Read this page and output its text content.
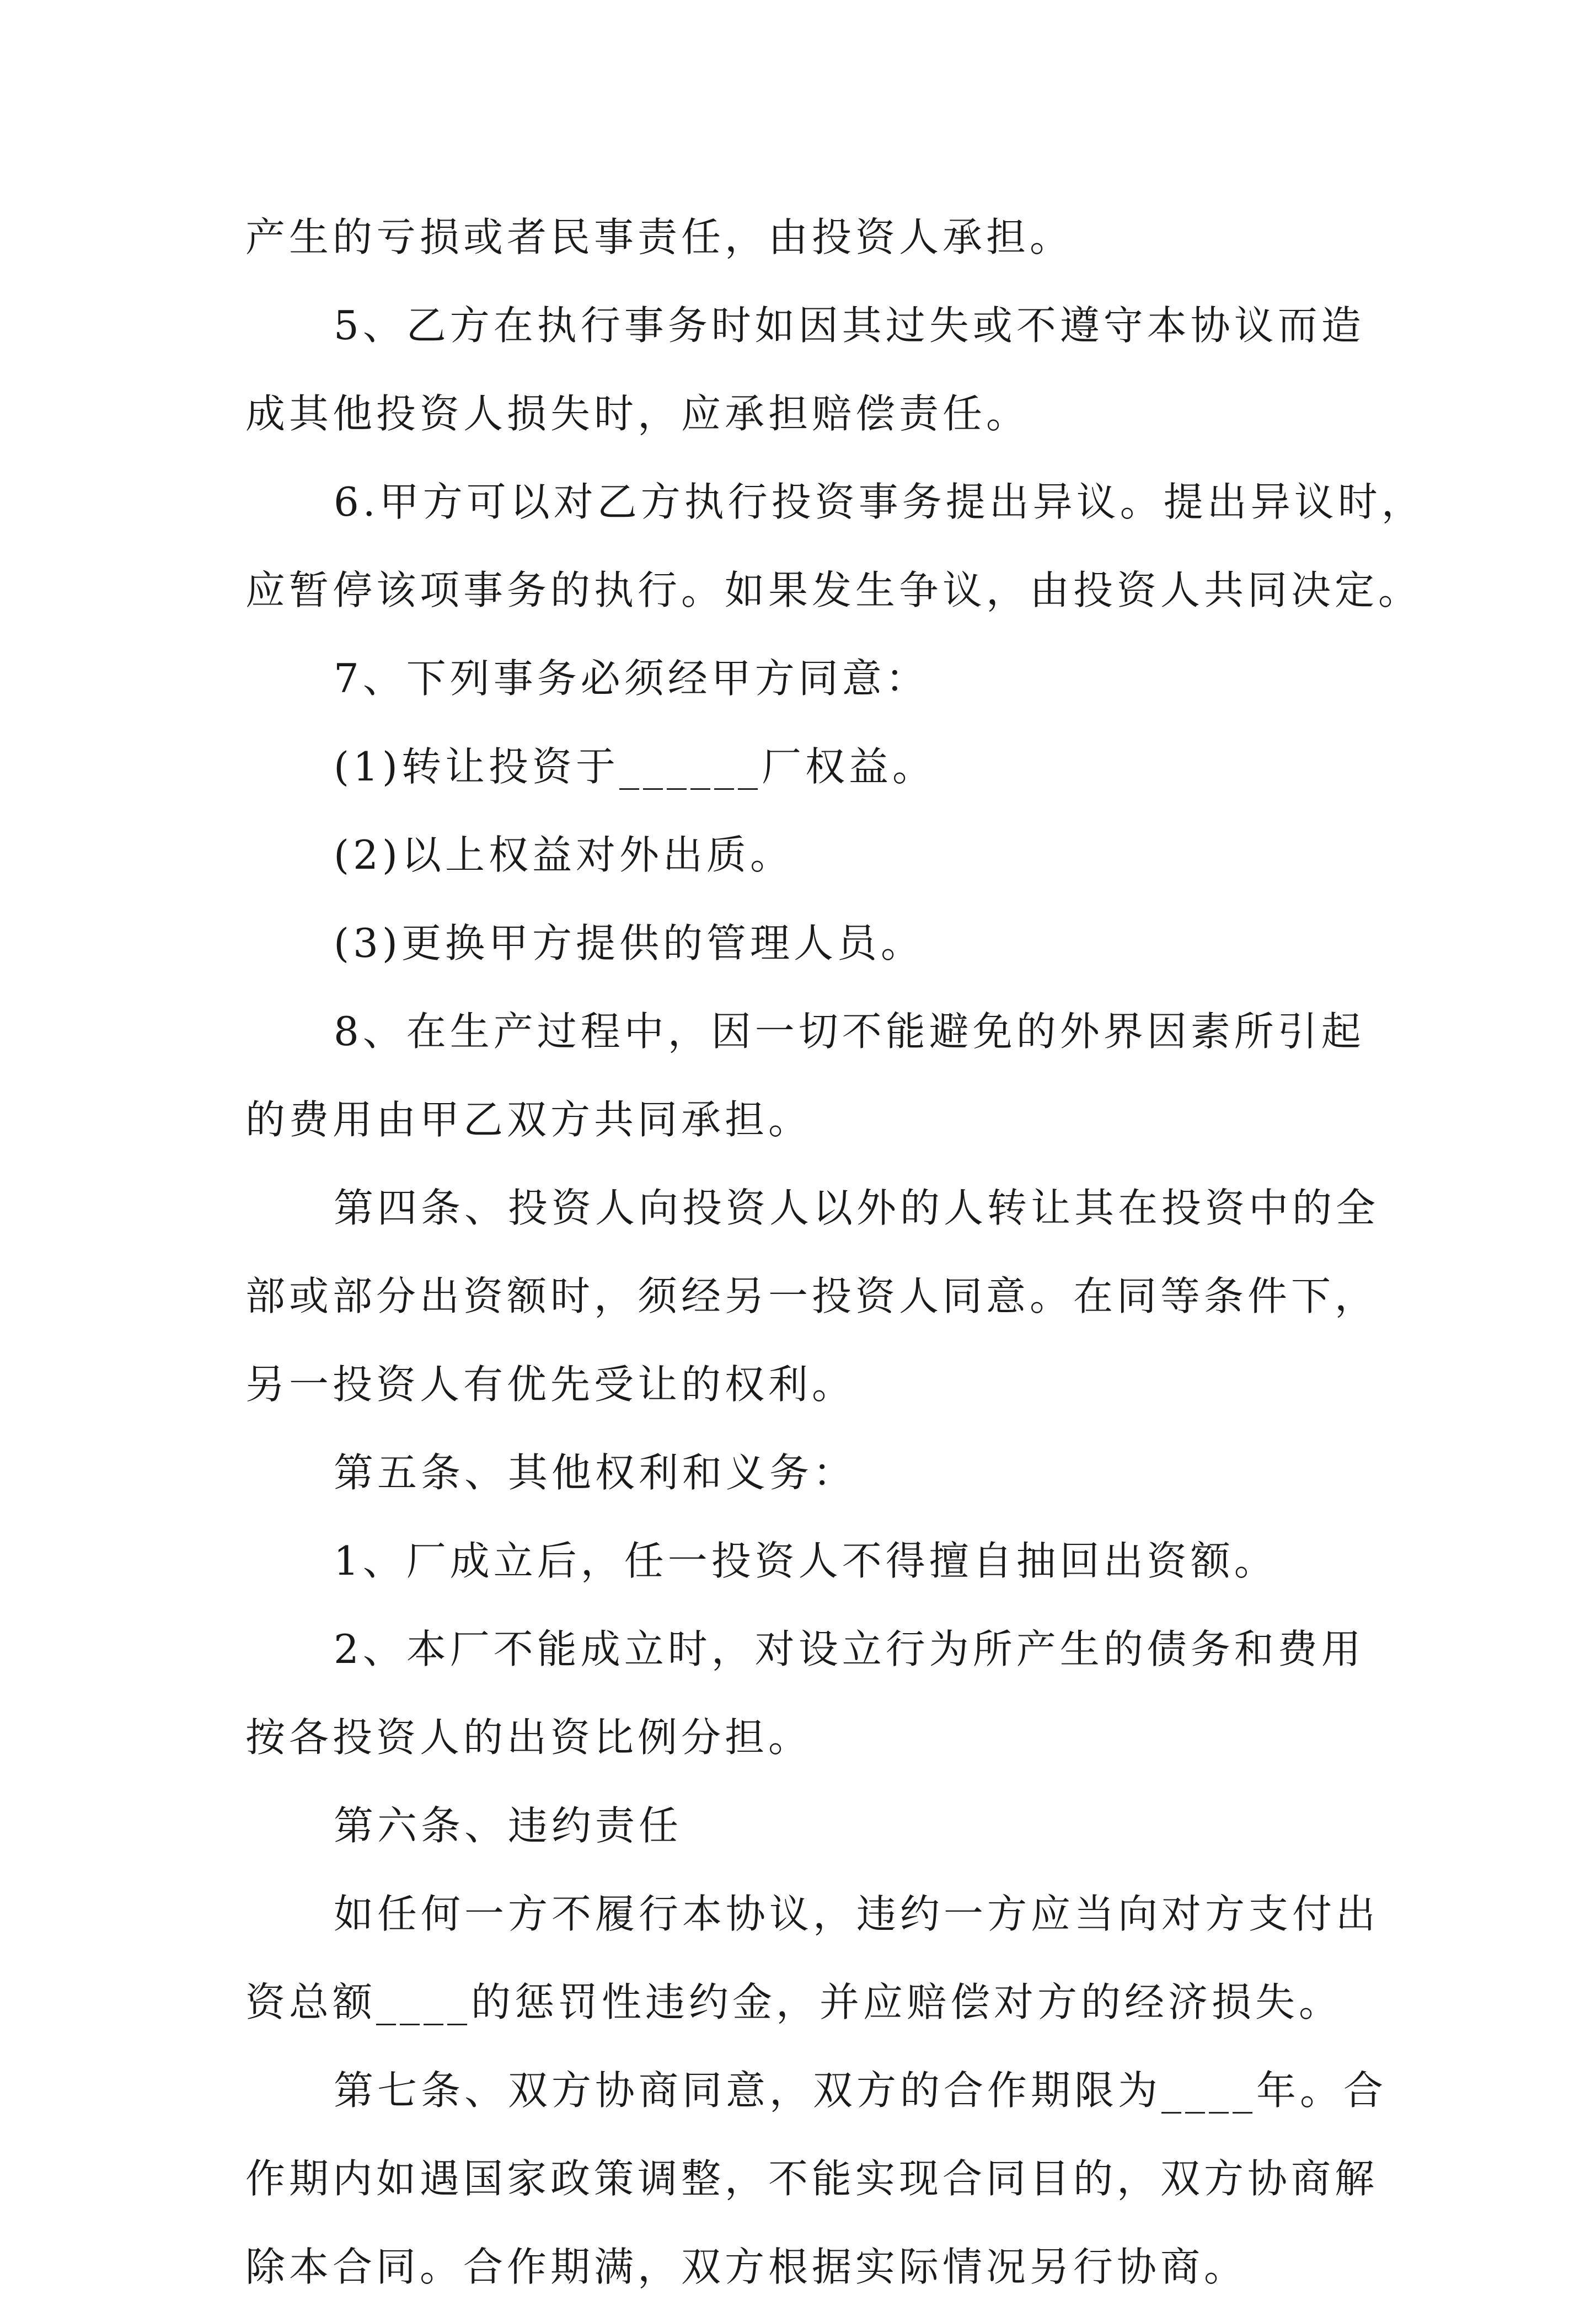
产生的亏损或者民事责任，由投资人承担。

5、乙方在执行事务时如因其过失或不遵守本协议而造

成其他投资人损失时，应承担赔偿责任。

6.甲方可以对乙方执行投资事务提出异议。提出异议时，

应暂停该项事务的执行。如果发生争议，由投资人共同决定。

7、下列事务必须经甲方同意：

(1)转让投资于______厂权益。

(2)以上权益对外出质。

(3)更换甲方提供的管理人员。

8、在生产过程中，因一切不能避免的外界因素所引起

的费用由甲乙双方共同承担。

第四条、投资人向投资人以外的人转让其在投资中的全

部或部分出资额时，须经另一投资人同意。在同等条件下，

另一投资人有优先受让的权利。

第五条、其他权利和义务：

1、厂成立后，任一投资人不得擅自抽回出资额。

2、本厂不能成立时，对设立行为所产生的债务和费用

按各投资人的出资比例分担。

第六条、违约责任

如任何一方不履行本协议，违约一方应当向对方支付出

资总额____的惩罚性违约金，并应赔偿对方的经济损失。

第七条、双方协商同意，双方的合作期限为____年。合

作期内如遇国家政策调整，不能实现合同目的，双方协商解

除本合同。合作期满，双方根据实际情况另行协商。
